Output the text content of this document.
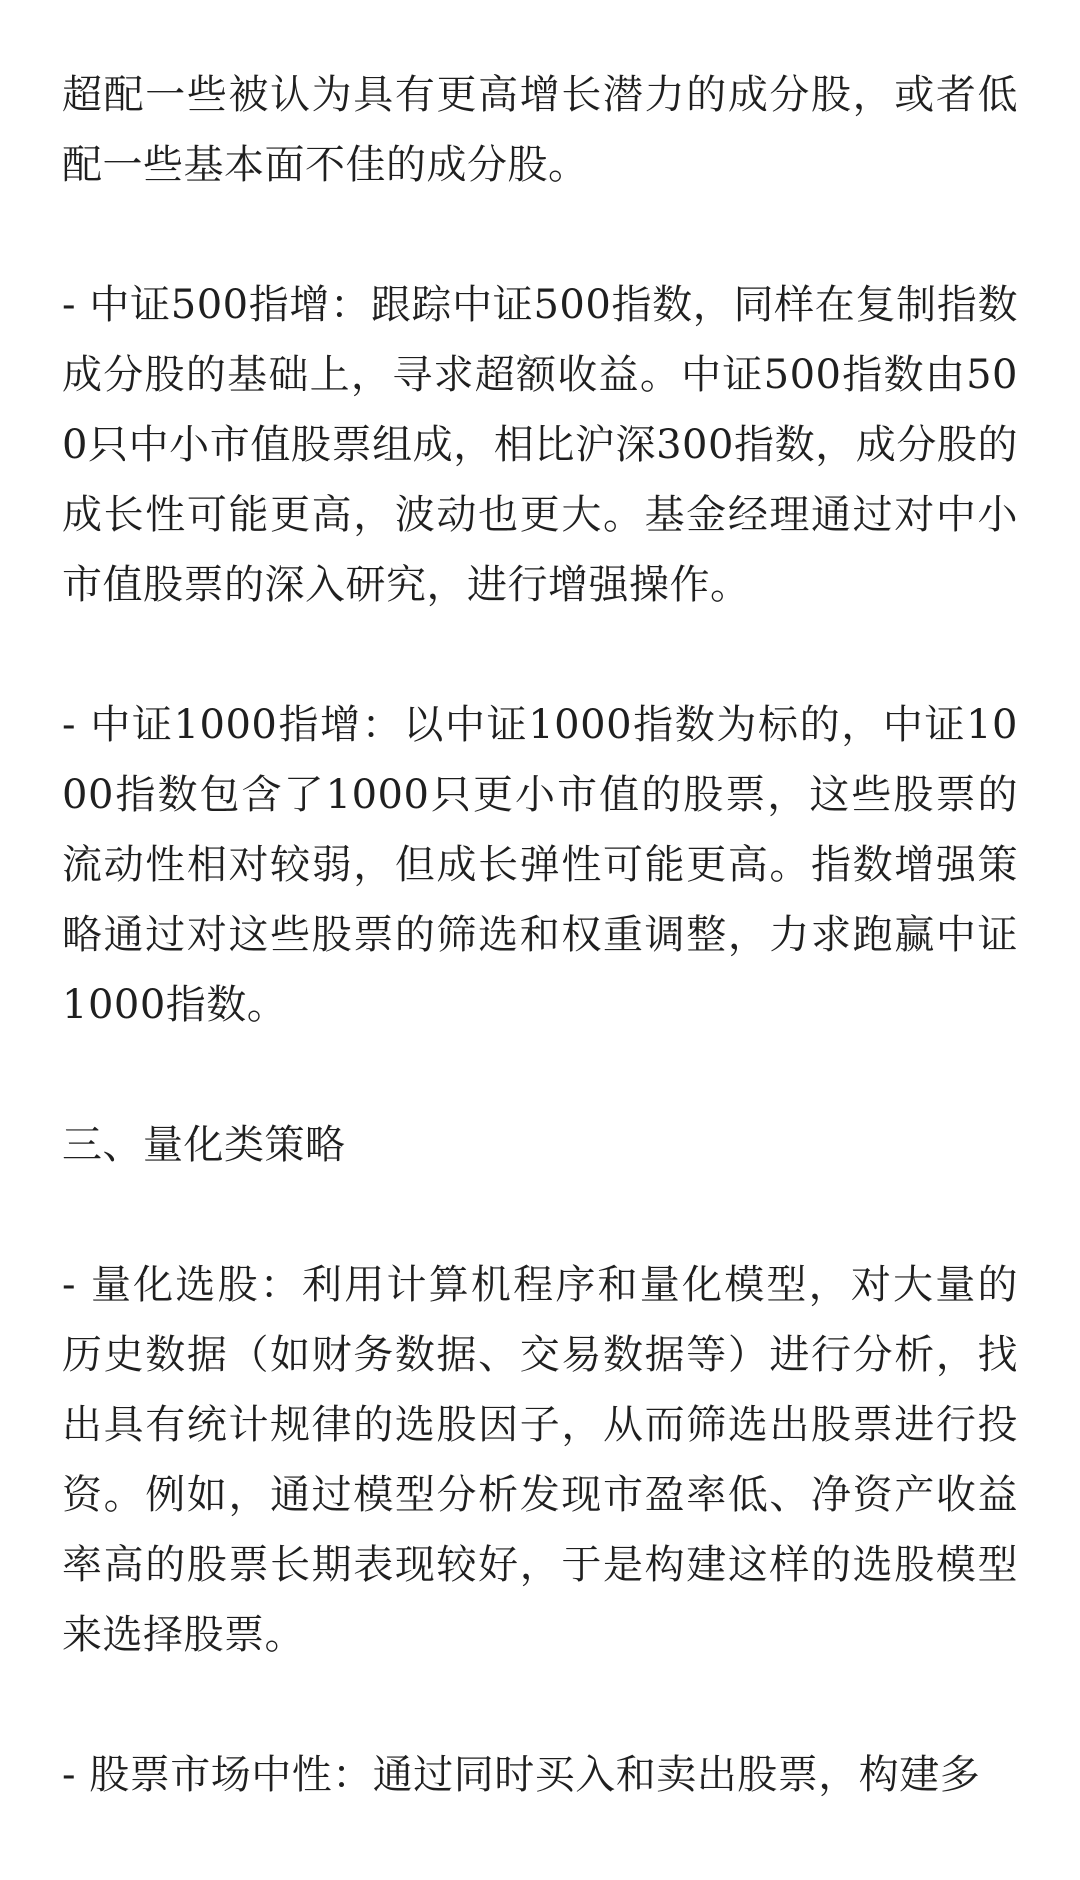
超配一些被认为具有更高增长潜力的成分股，或者低配一些基本面不佳的成分股。

- 中证500指增：跟踪中证500指数，同样在复制指数成分股的基础上，寻求超额收益。中证500指数由500只中小市值股票组成，相比沪深300指数，成分股的成长性可能更高，波动也更大。基金经理通过对中小市值股票的深入研究，进行增强操作。

- 中证1000指增：以中证1000指数为标的，中证1000指数包含了1000只更小市值的股票，这些股票的流动性相对较弱，但成长弹性可能更高。指数增强策略通过对这些股票的筛选和权重调整，力求跑赢中证1000指数。

三、量化类策略

- 量化选股：利用计算机程序和量化模型，对大量的历史数据（如财务数据、交易数据等）进行分析，找出具有统计规律的选股因子，从而筛选出股票进行投资。例如，通过模型分析发现市盈率低、净资产收益率高的股票长期表现较好，于是构建这样的选股模型来选择股票。

- 股票市场中性：通过同时买入和卖出股票，构建多
